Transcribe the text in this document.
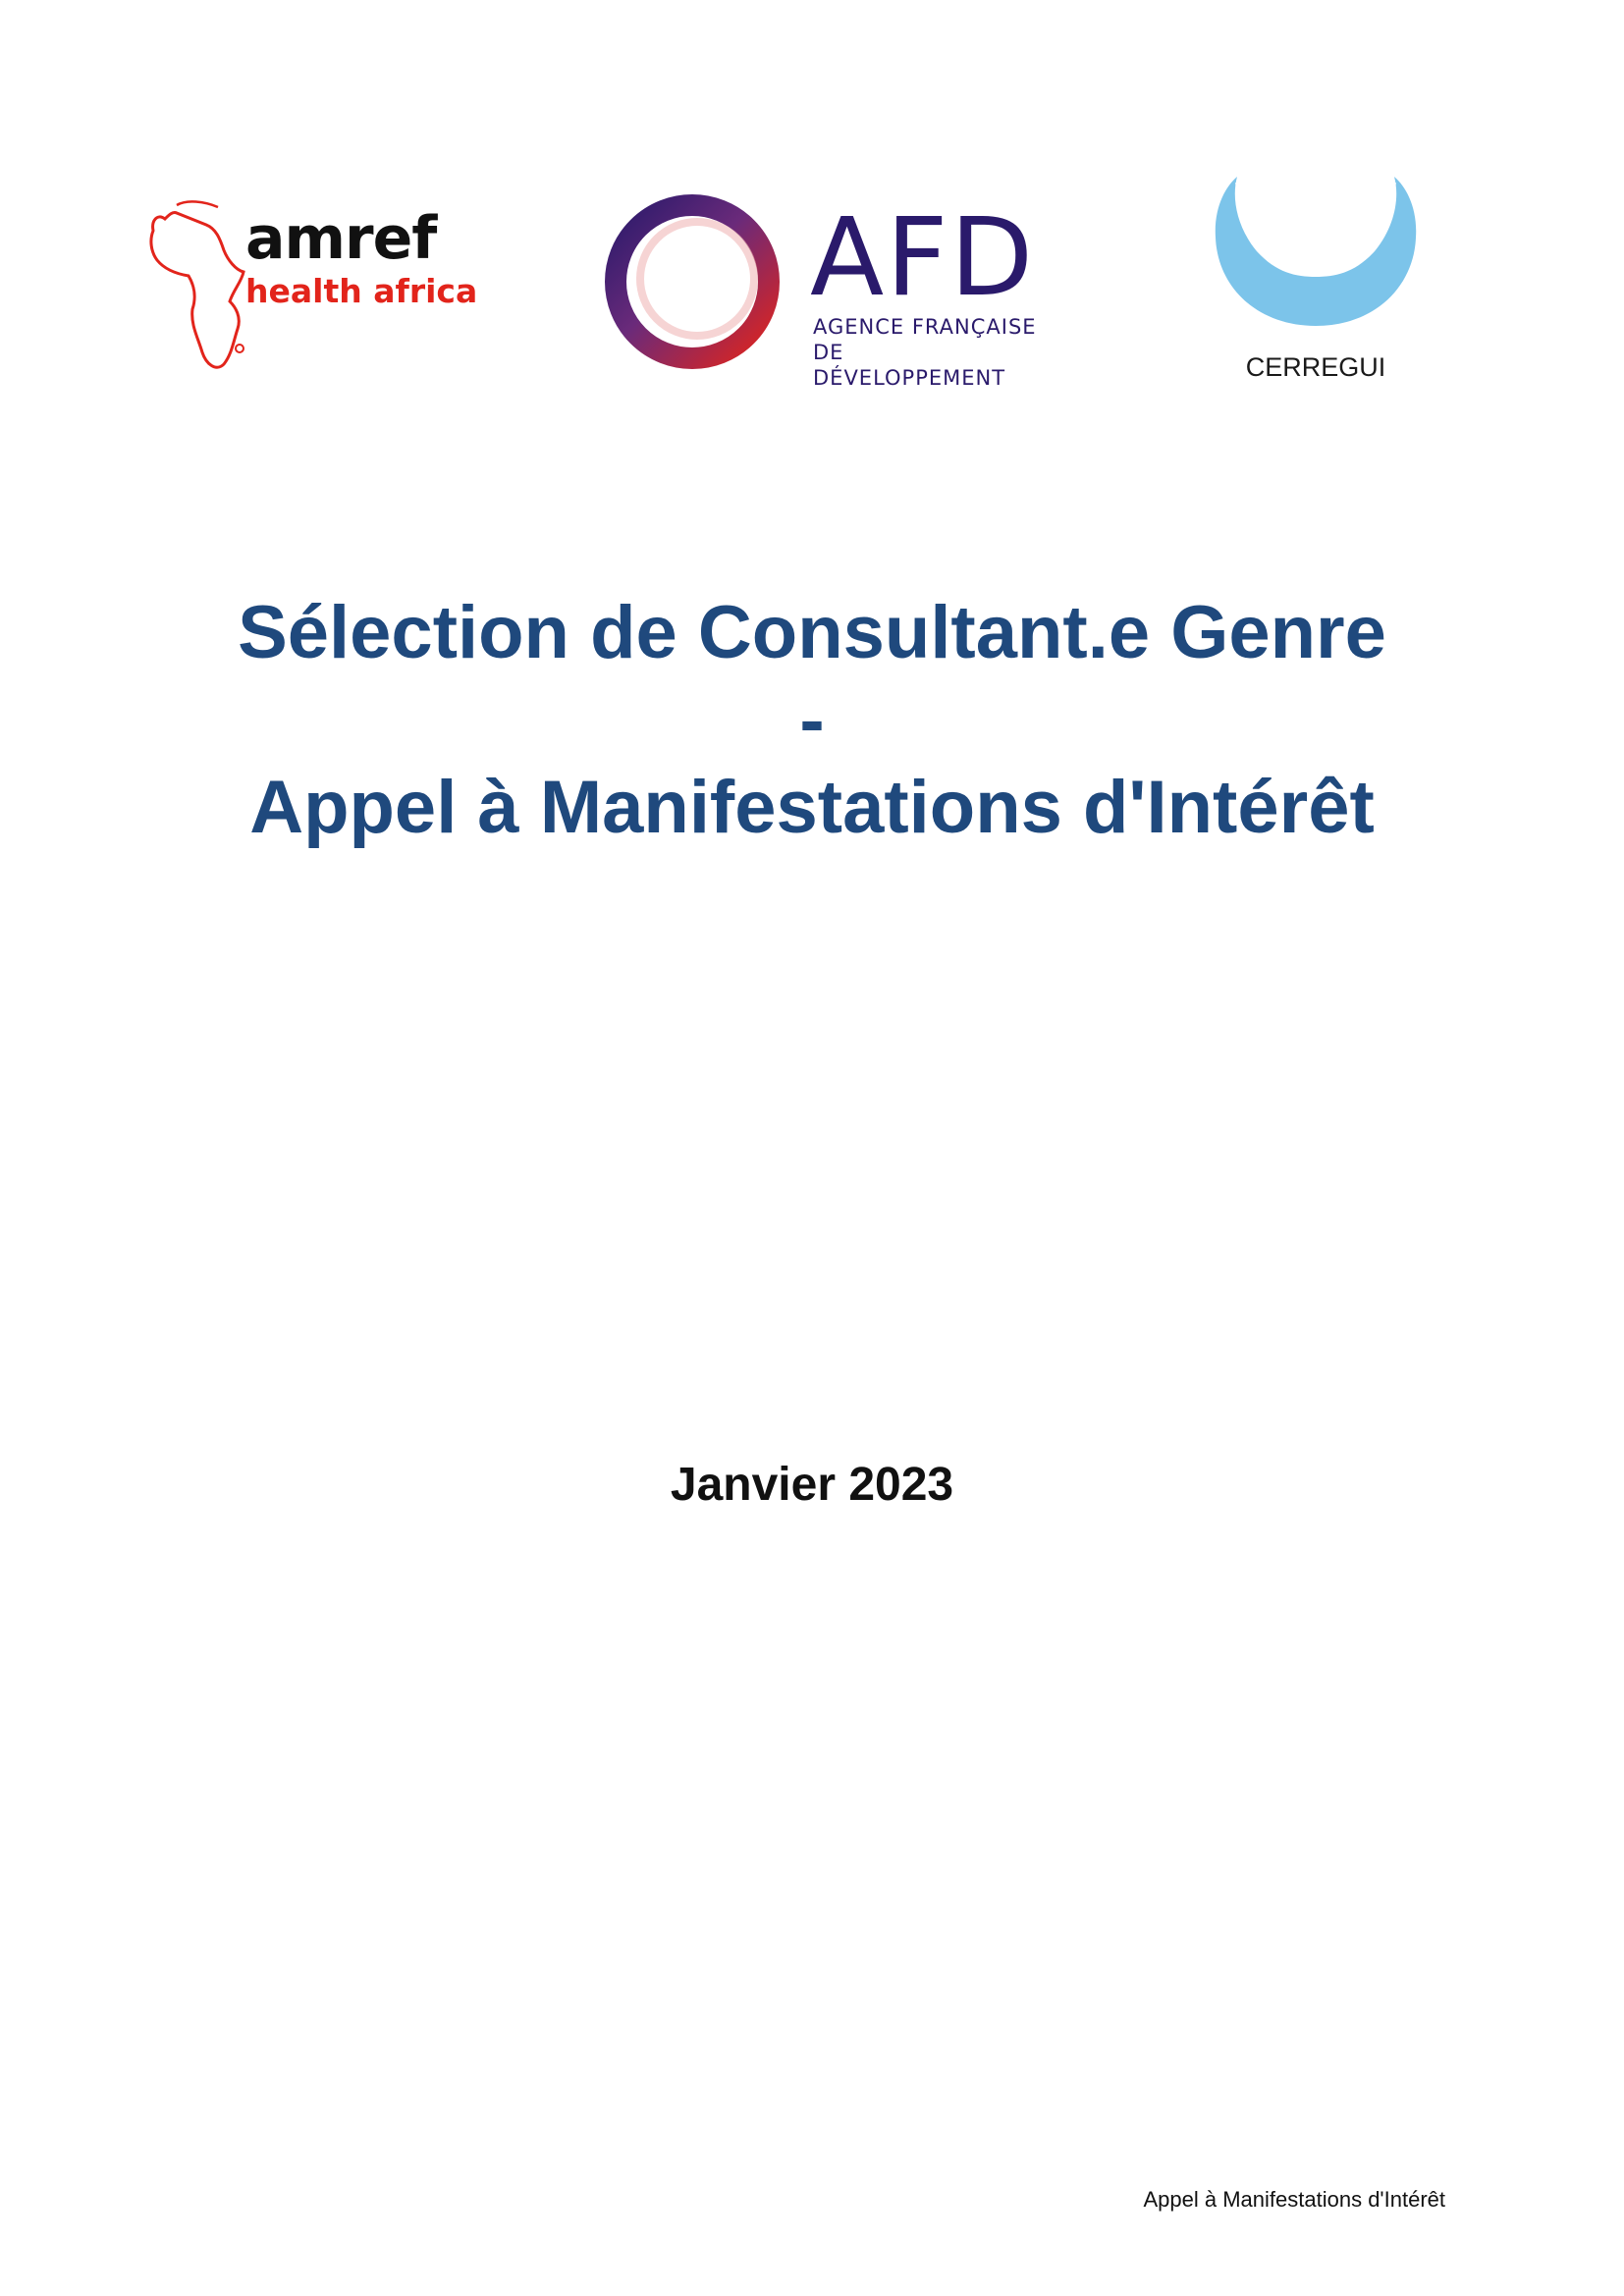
amref
health africa	AFD
AGENCE FRANÇAISE
DE DÉVELOPPEMENT	CERREGUI
Sélection de Consultant.e Genre
-
Appel à Manifestations d'Intérêt
Janvier 2023
Appel à Manifestations d'Intérêt
